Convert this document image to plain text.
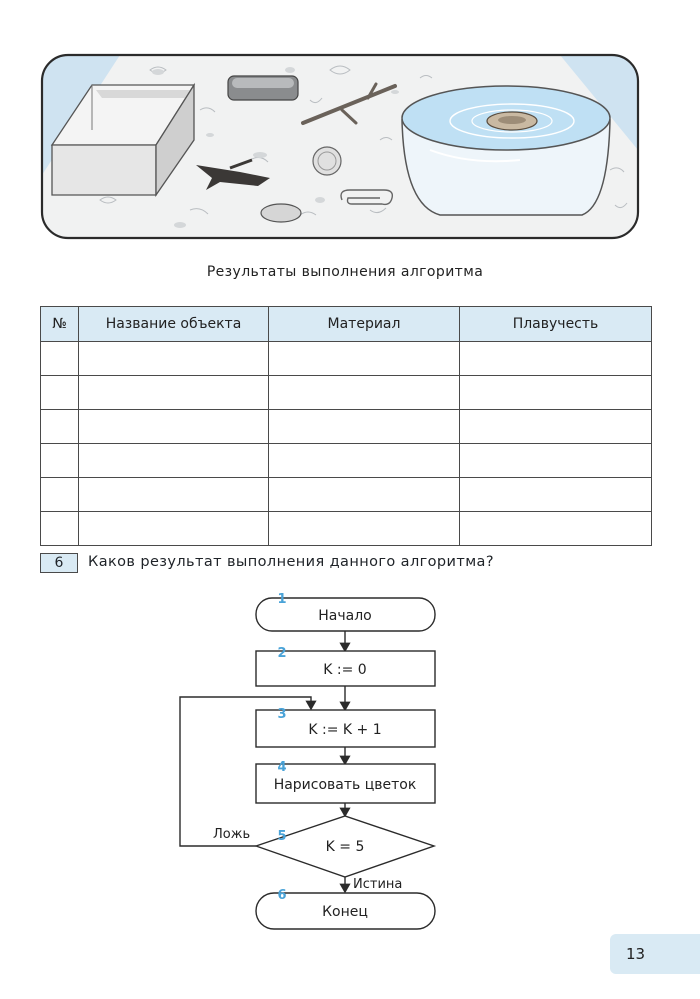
Результаты выполнения алгоритма
№	Название объекта	Материал	Плавучесть

6	Каков результат выполнения данного алгоритма?
Начало
1
K := 0
2
K := K + 1
3
Нарисовать цветок
4
K = 5
5
Ложь
Истина
Конец
6
13
